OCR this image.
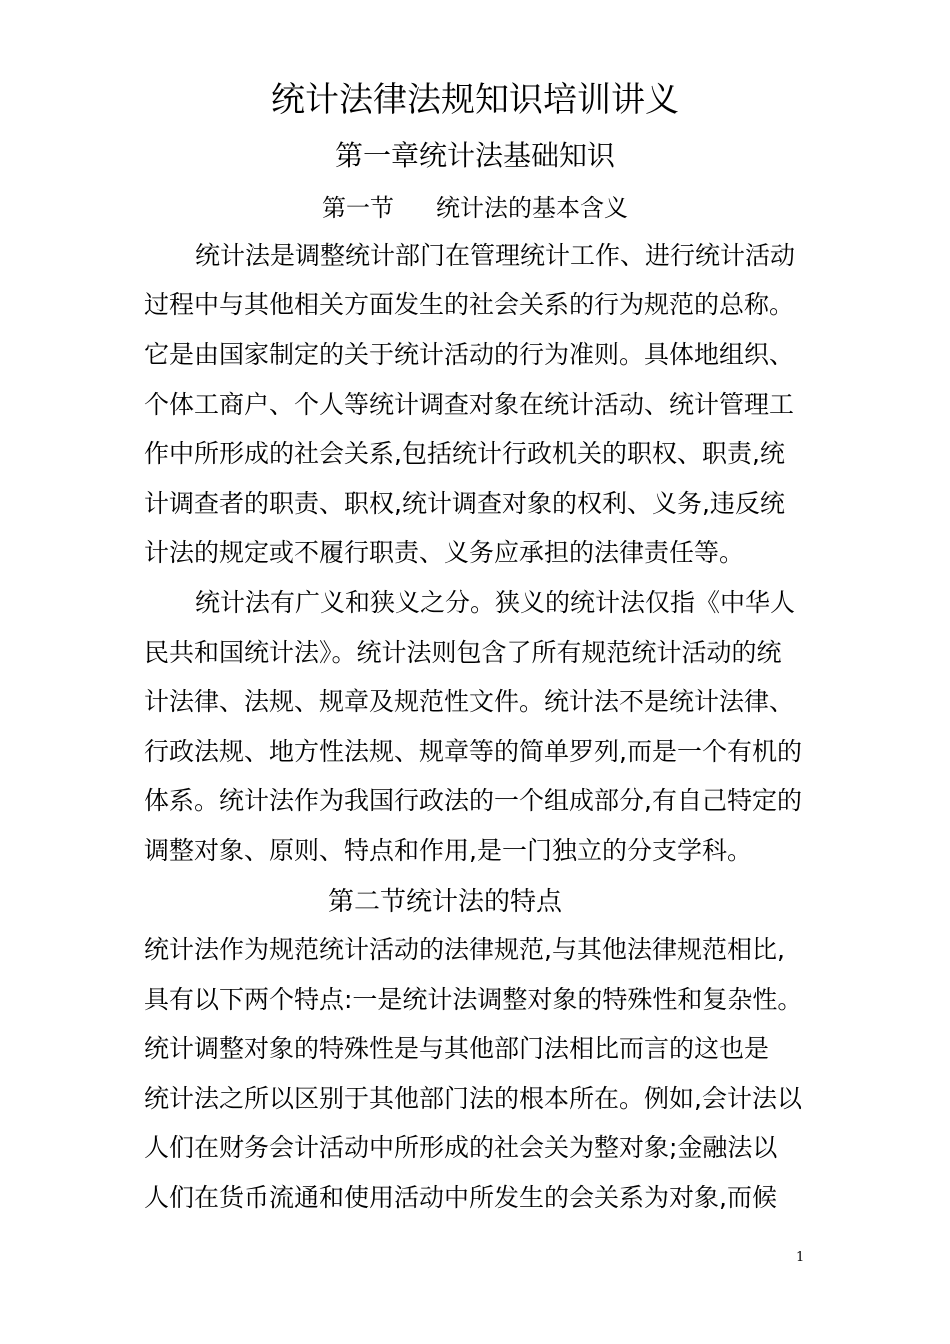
统计法律法规知识培训讲义
第一章统计法基础知识
第一节 统计法的基本含义
统计法是调整统计部门在管理统计工作、进行统计活动
过程中与其他相关方面发生的社会关系的行为规范的总称。
它是由国家制定的关于统计活动的行为准则。具体地组织、
个体工商户、个人等统计调查对象在统计活动、统计管理工
作中所形成的社会关系,包括统计行政机关的职权、职责,统
计调查者的职责、职权,统计调查对象的权利、义务,违反统
计法的规定或不履行职责、义务应承担的法律责任等。
统计法有广义和狭义之分。狭义的统计法仅指《中华人
民共和国统计法》。统计法则包含了所有规范统计活动的统
计法律、法规、规章及规范性文件。统计法不是统计法律、
行政法规、地方性法规、规章等的简单罗列,而是一个有机的
体系。统计法作为我国行政法的一个组成部分,有自己特定的
调整对象、原则、特点和作用,是一门独立的分支学科。
第二节统计法的特点
统计法作为规范统计活动的法律规范,与其他法律规范相比,
具有以下两个特点:一是统计法调整对象的特殊性和复杂性。
统计调整对象的特殊性是与其他部门法相比而言的这也是
统计法之所以区别于其他部门法的根本所在。例如,会计法以
人们在财务会计活动中所形成的社会关为整对象;金融法以
人们在货币流通和使用活动中所发生的会关系为对象,而候
1
